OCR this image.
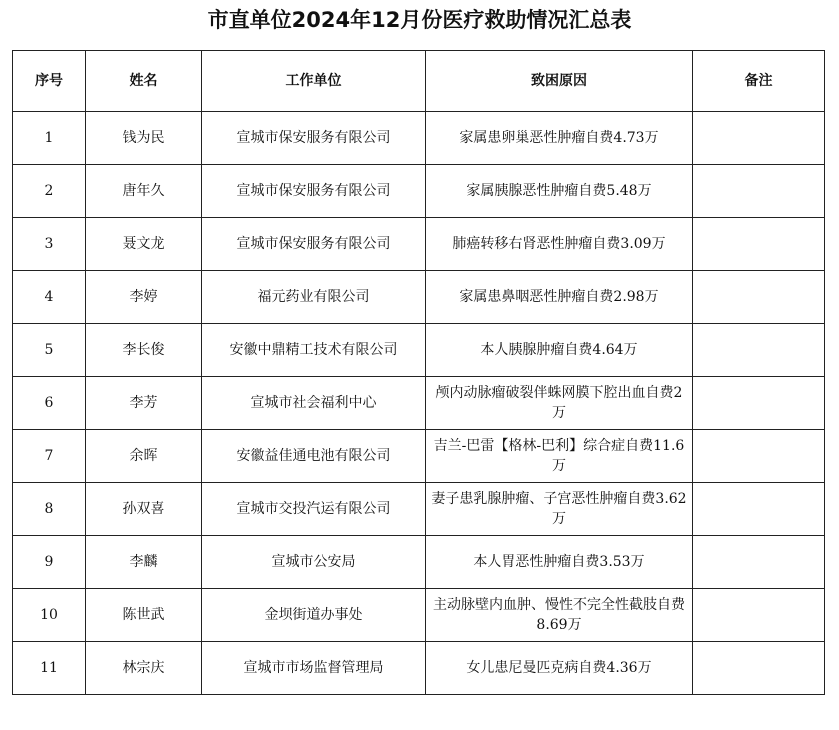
市直单位2024年12月份医疗救助情况汇总表
序号	姓名	工作单位	致困原因	备注
1	钱为民	宣城市保安服务有限公司	家属患卵巢恶性肿瘤自费4.73万	
2	唐年久	宣城市保安服务有限公司	家属胰腺恶性肿瘤自费5.48万	
3	聂文龙	宣城市保安服务有限公司	肺癌转移右肾恶性肿瘤自费3.09万	
4	李婷	福元药业有限公司	家属患鼻咽恶性肿瘤自费2.98万	
5	李长俊	安徽中鼎精工技术有限公司	本人胰腺肿瘤自费4.64万	
6	李芳	宣城市社会福利中心	颅内动脉瘤破裂伴蛛网膜下腔出血自费2万	
7	余晖	安徽益佳通电池有限公司	吉兰-巴雷【格林-巴利】综合症自费11.6万	
8	孙双喜	宣城市交投汽运有限公司	妻子患乳腺肿瘤、子宫恶性肿瘤自费3.62万	
9	李麟	宣城市公安局	本人胃恶性肿瘤自费3.53万	
10	陈世武	金坝街道办事处	主动脉壁内血肿、慢性不完全性截肢自费8.69万	
11	林宗庆	宣城市市场监督管理局	女儿患尼曼匹克病自费4.36万	
